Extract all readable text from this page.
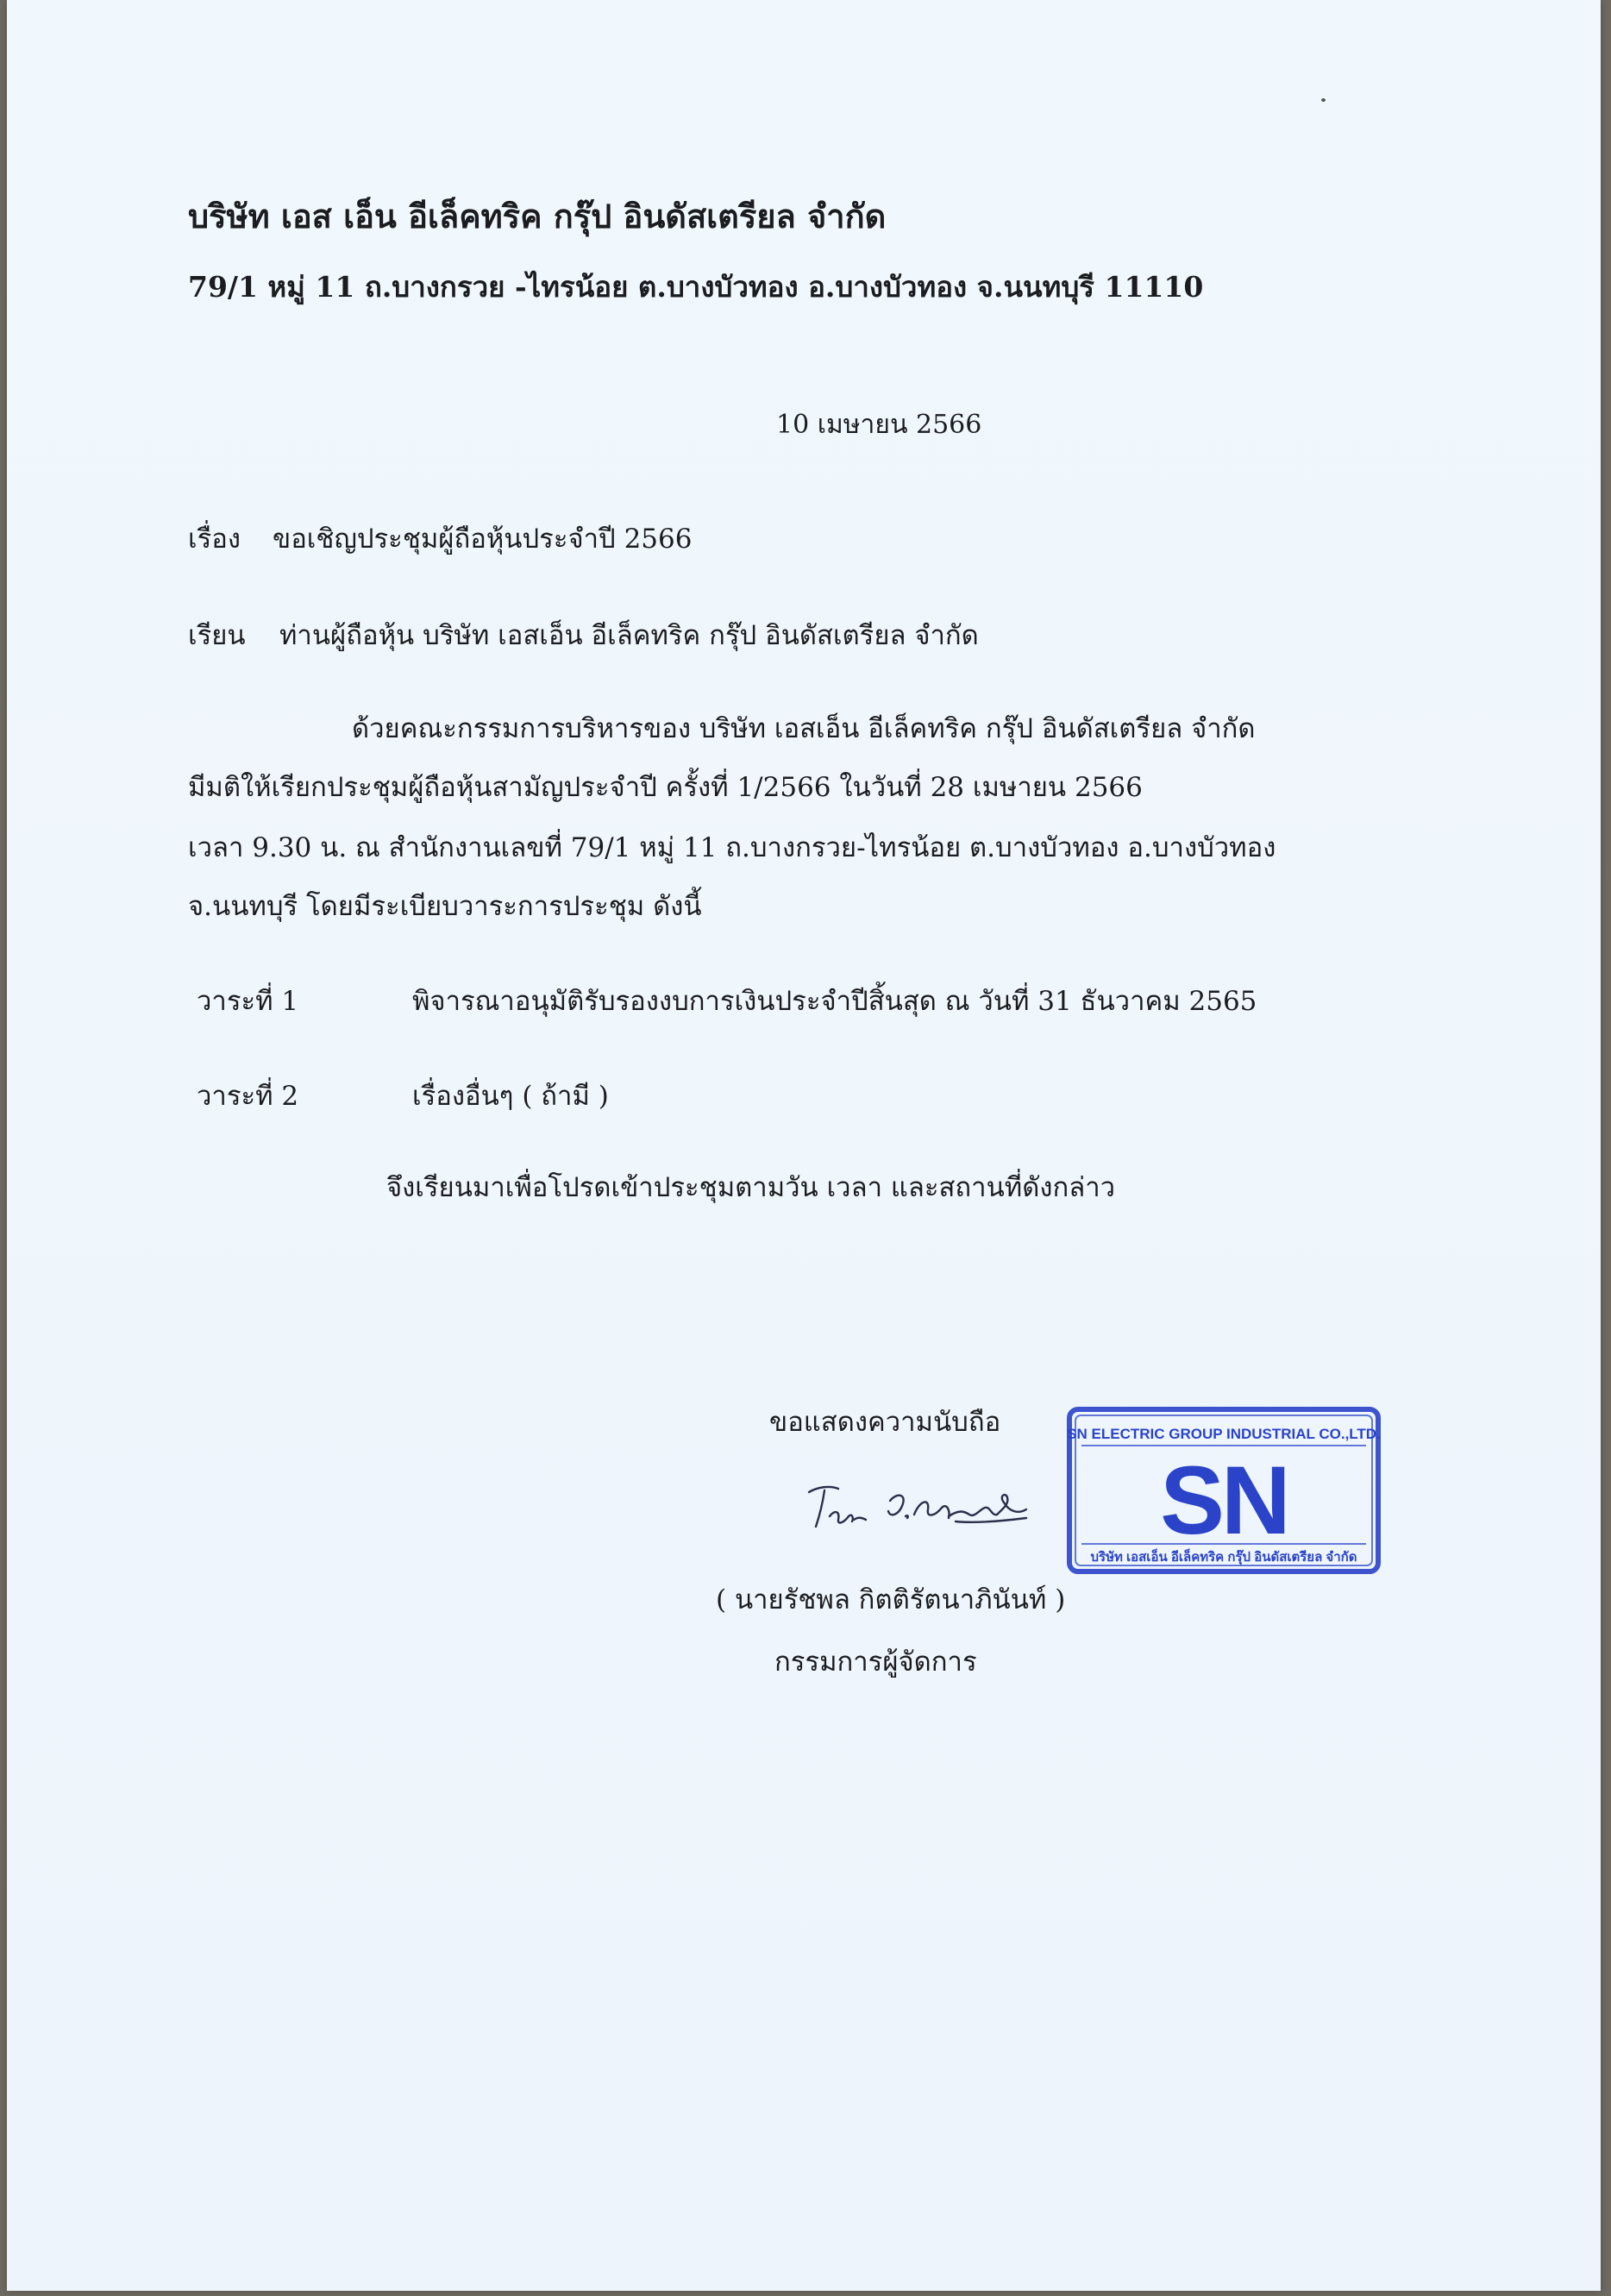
บริษัท เอส เอ็น อีเล็คทริค กรุ๊ป อินดัสเตรียล จำกัด
79/1 หมู่ 11 ถ.บางกรวย -ไทรน้อย ต.บางบัวทอง อ.บางบัวทอง จ.นนทบุรี 11110
10 เมษายน 2566
เรื่อง ขอเชิญประชุมผู้ถือหุ้นประจำปี 2566
เรียน ท่านผู้ถือหุ้น บริษัท เอสเอ็น อีเล็คทริค กรุ๊ป อินดัสเตรียล จำกัด
ด้วยคณะกรรมการบริหารของ บริษัท เอสเอ็น อีเล็คทริค กรุ๊ป อินดัสเตรียล จำกัด
มีมติให้เรียกประชุมผู้ถือหุ้นสามัญประจำปี ครั้งที่ 1/2566 ในวันที่ 28 เมษายน 2566
เวลา 9.30 น. ณ สำนักงานเลขที่ 79/1 หมู่ 11 ถ.บางกรวย-ไทรน้อย ต.บางบัวทอง อ.บางบัวทอง
จ.นนทบุรี โดยมีระเบียบวาระการประชุม ดังนี้
วาระที่ 1	พิจารณาอนุมัติรับรองงบการเงินประจำปีสิ้นสุด ณ วันที่ 31 ธันวาคม 2565
วาระที่ 2	เรื่องอื่นๆ ( ถ้ามี )
จึงเรียนมาเพื่อโปรดเข้าประชุมตามวัน เวลา และสถานที่ดังกล่าว
ขอแสดงความนับถือ	SN ELECTRIC GROUP INDUSTRIAL CO.,LTD.
SN
บริษัท เอสเอ็น อีเล็คทริค กรุ๊ป อินดัสเตรียล จำกัด
( นายรัชพล กิตติรัตนาภินันท์ )
กรรมการผู้จัดการ
